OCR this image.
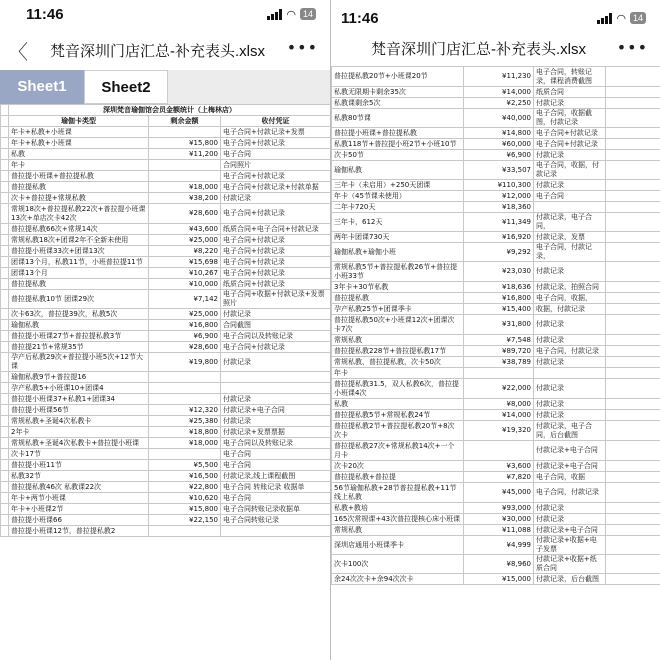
11:46	◠ 14
〈 梵音深圳门店汇总-补充表头.xlsx •••
Sheet1	Sheet2
	深圳梵音瑜伽馆会员金额统计（上梅林店）		
	瑜伽卡类型	剩余金额	收付凭证
	年卡+私教+小班课		电子合同+付款记录+发票
	年卡+私教+小班课	¥15,800	电子合同+付款记录
	私教	¥11,200	电子合同
	年卡		合同照片
	普拉提小班课+普拉提私教		电子合同+付款记录
	普拉提私教	¥18,000	电子合同+付款记录+付款单据
	次卡+普拉提+常规私教	¥38,200	付款记录
	常规18次+普拉提私教22次+普拉提小班课13次+单店次卡42次	¥28,600	电子合同+付款记录
	普拉提私教66次+常规14次	¥43,600	纸质合同+电子合同+付款记录
	常规私教18次+团课2年不全新未使用	¥25,000	电子合同+付款记录
	普拉提小班课33次+团课13次	¥8,220	电子合同+付款记录
	团课13个月，私教11节，小班普拉提11节	¥15,698	电子合同+付款记录
	团课13个月	¥10,267	电子合同+付款记录
	普拉提私教	¥10,000	纸质合同+付款记录
	普拉提私教10节 团课29次	¥7,142	电子合同+收据+付款记录+发票照片
	次卡63次，普拉提39次，私教5次	¥25,000	付款记录
	瑜伽私教	¥16,800	合同截图
	普拉提小班课27节+普拉提私教3节	¥6,900	电子合同以及转账记录
	普拉提21节+常规35节	¥28,600	电子合同+付款记录
	孕产后私教29次+普拉提小班5次+12节大课	¥19,800	付款记录
	瑜伽私教9节+普拉提16		
	孕产私教5+小班课10+团课4		
	普拉提小班课37+私教1+团课34		付款记录
	普拉提小班课56节	¥12,320	付款记录+电子合同
	常规私教+圣诞4次私教卡	¥25,380	付款记录
	2年卡	¥18,800	付款记录+发票票据
	常规私教+圣诞4次私教卡+普拉提小班课	¥18,000	电子合同以及转账记录
	次卡17节		电子合同
	普拉提小班11节	¥5,500	电子合同
	私教32节	¥16,500	付款记录,线上课程截图
	普拉提私教46次 私教课22次	¥22,800	电子合同 转账记录 收据单
	年卡+两节小班课	¥10,620	电子合同
	年卡+小班课2节	¥15,800	电子合同转账记录收据单
	普拉提小班课66	¥22,150	电子合同转账记录
	普拉提小班课12节，普拉提私教2		
11:46	◠ 14
梵音深圳门店汇总-补充表头.xlsx •••
普拉提私教20节+小班课20节	¥11,230	电子合同，转账记录，课程消费截图	
私教无限期卡剩余35次	¥14,000	纸质合同	
私教课剩余5次	¥2,250	付款记录	
私教80节课	¥40,000	电子合同，收据截图，付款记录	
普拉提小班课+普拉提私教	¥14,800	电子合同+付款记录	
私教118节+普拉提小班2节+小班10节	¥60,000	电子合同+付款记录	
次卡50节	¥6,900	付款记录	
瑜伽私教	¥33,507	电子合同，收据，付款记录	
三年卡（未启用）+250天团课	¥110,300	付款记录	
年卡（45节课未使用）	¥12,000	电子合同	
二年卡720天	¥18,360		
三年卡，612天	¥11,349	付款记录，电子合同，	
两年卡团课730天	¥16,920	付款记录，发票	
瑜伽私教+瑜伽小班	¥9,292	电子合同，付款记录，	
常规私教5节+普拉提私教26节+普拉提小班33节	¥23,030	付款记录	
3年卡+30节私教	¥18,636	付款记录，拍照合同	
普拉提私教	¥16,800	电子合同，收据，	
孕产私教25节+团课季卡	¥15,400	收据，付款记录	
普拉提私教50次+小班课12次+团课次卡7次	¥31,800	付款记录	
常规私教	¥7,548	付款记录	
普拉提私教228节+普拉提私教17节	¥89,720	电子合同，付款记录	
常规私教，普拉提私教，次卡50次	¥38,789	付款记录	
年卡			
普拉提私教31.5，双人私教6次，普拉提小班课4次	¥22,000	付款记录	
私教	¥8,000	付款记录	
普拉提私教5节+常规私教24节	¥14,000	付款记录	
普拉提私教2节+普拉提私教20节+8次次卡	¥19,320	付款记录，电子合同，后台截图	
普拉提私教27次+常规私教14次+一个月卡		付款记录+电子合同	
次卡20次	¥3,600	付款记录+电子合同	
普拉提私教+普拉提	¥7,820	电子合同，收据	
56节瑜伽私教+28节普拉提私教+11节线上私教	¥45,000	电子合同，付款记录	
私教+教培	¥93,000	付款记录	
165次常规课+43次普拉提核心床小班课	¥30,000	付款记录	
常规私教	¥11,088	付款记录+电子合同	
深圳店通用小班课季卡	¥4,999	付款记录+收据+电子发票	
次卡100次	¥8,960	付款记录+收据+纸质合同	
余24次次卡+余94次次卡	¥15,000	付款记录，后台截图	
